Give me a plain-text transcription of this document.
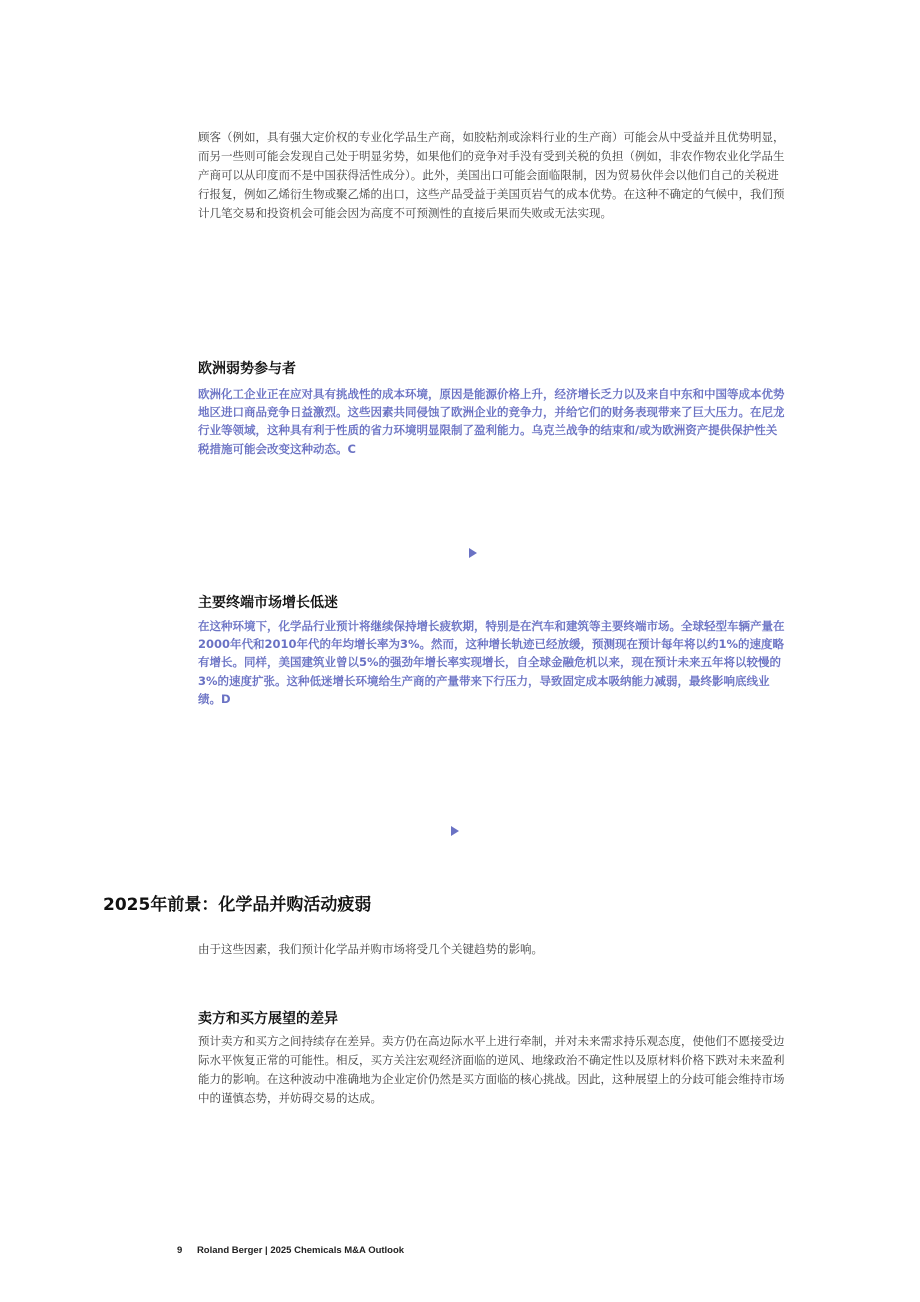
顾客（例如，具有强大定价权的专业化学品生产商，如胶粘剂或涂料行业的生产商）可能会从中受益并且优势明显，而另一些则可能会发现自己处于明显劣势，如果他们的竞争对手没有受到关税的负担（例如，非农作物农业化学品生产商可以从印度而不是中国获得活性成分）。此外，美国出口可能会面临限制，因为贸易伙伴会以他们自己的关税进行报复，例如乙烯衍生物或聚乙烯的出口，这些产品受益于美国页岩气的成本优势。在这种不确定的气候中，我们预计几笔交易和投资机会可能会因为高度不可预测性的直接后果而失败或无法实现。

欧洲弱势参与者

欧洲化工企业正在应对具有挑战性的成本环境，原因是能源价格上升，经济增长乏力以及来自中东和中国等成本优势地区进口商品竞争日益激烈。这些因素共同侵蚀了欧洲企业的竞争力，并给它们的财务表现带来了巨大压力。在尼龙行业等领域，这种具有利于性质的省力环境明显限制了盈利能力。乌克兰战争的结束和/或为欧洲资产提供保护性关税措施可能会改变这种动态。C

主要终端市场增长低迷

在这种环境下，化学品行业预计将继续保持增长疲软期，特别是在汽车和建筑等主要终端市场。全球轻型车辆产量在2000年代和2010年代的年均增长率为3%。然而，这种增长轨迹已经放缓，预测现在预计每年将以约1%的速度略有增长。同样，美国建筑业曾以5%的强劲年增长率实现增长，自全球金融危机以来，现在预计未来五年将以较慢的3%的速度扩张。这种低迷增长环境给生产商的产量带来下行压力，导致固定成本吸纳能力减弱，最终影响底线业绩。D

2025年前景：化学品并购活动疲弱

由于这些因素，我们预计化学品并购市场将受几个关键趋势的影响。

卖方和买方展望的差异

预计卖方和买方之间持续存在差异。卖方仍在高边际水平上进行牵制，并对未来需求持乐观态度，使他们不愿接受边际水平恢复正常的可能性。相反，买方关注宏观经济面临的逆风、地缘政治不确定性以及原材料价格下跌对未来盈利能力的影响。在这种波动中准确地为企业定价仍然是买方面临的核心挑战。因此，这种展望上的分歧可能会维持市场中的谨慎态势，并妨碍交易的达成。

9 Roland Berger | 2025 Chemicals M&A Outlook
